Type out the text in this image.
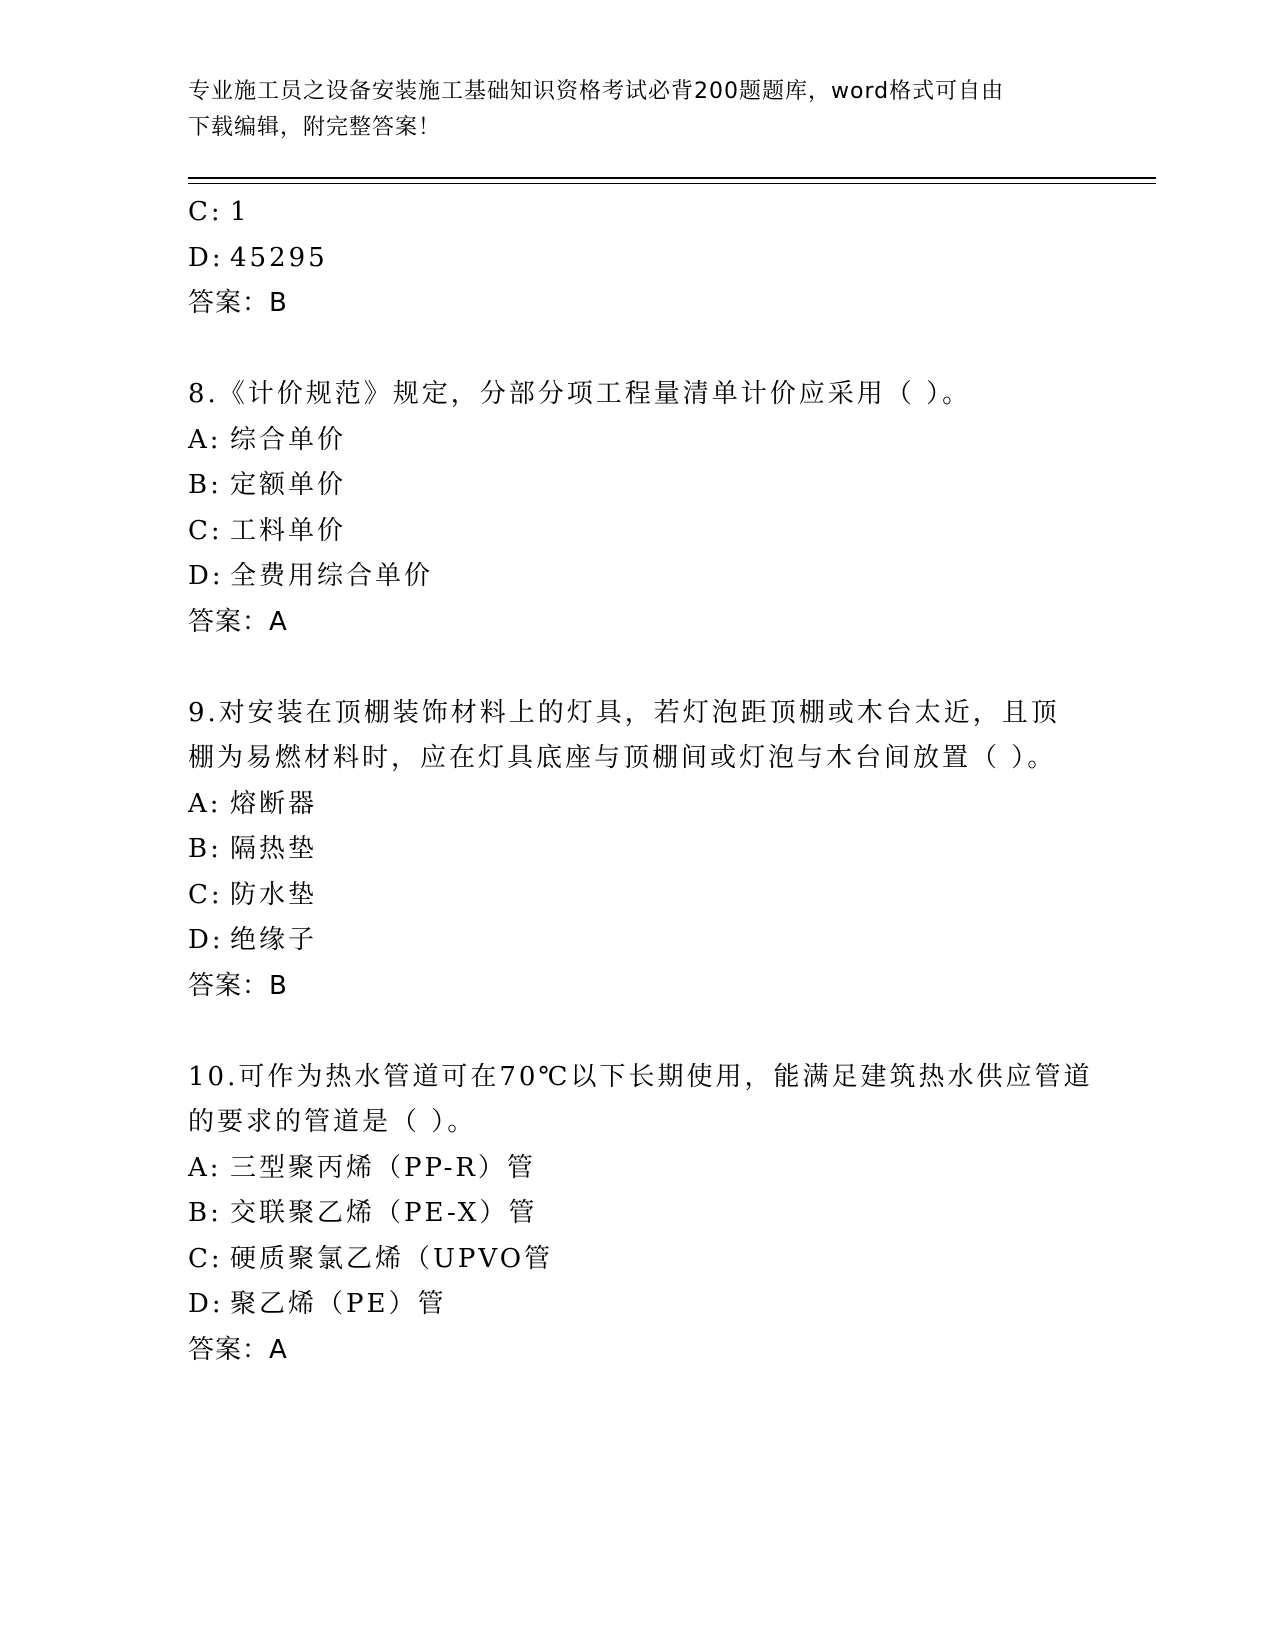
专业施工员之设备安装施工基础知识资格考试必背200题题库，word格式可自由
下载编辑，附完整答案！
C: 1
D: 45295
答案：B
8.《计价规范》规定，分部分项工程量清单计价应采用（ ）。
A: 综合单价
B: 定额单价
C: 工料单价
D: 全费用综合单价
答案：A
9.对安装在顶棚装饰材料上的灯具，若灯泡距顶棚或木台太近，且顶
棚为易燃材料时，应在灯具底座与顶棚间或灯泡与木台间放置（ ）。
A: 熔断器
B: 隔热垫
C: 防水垫
D: 绝缘子
答案：B
10.可作为热水管道可在70℃以下长期使用，能满足建筑热水供应管道
的要求的管道是（ ）。
A: 三型聚丙烯（PP-R）管
B: 交联聚乙烯（PE-X）管
C: 硬质聚氯乙烯（UPVO管
D: 聚乙烯（PE）管
答案：A
